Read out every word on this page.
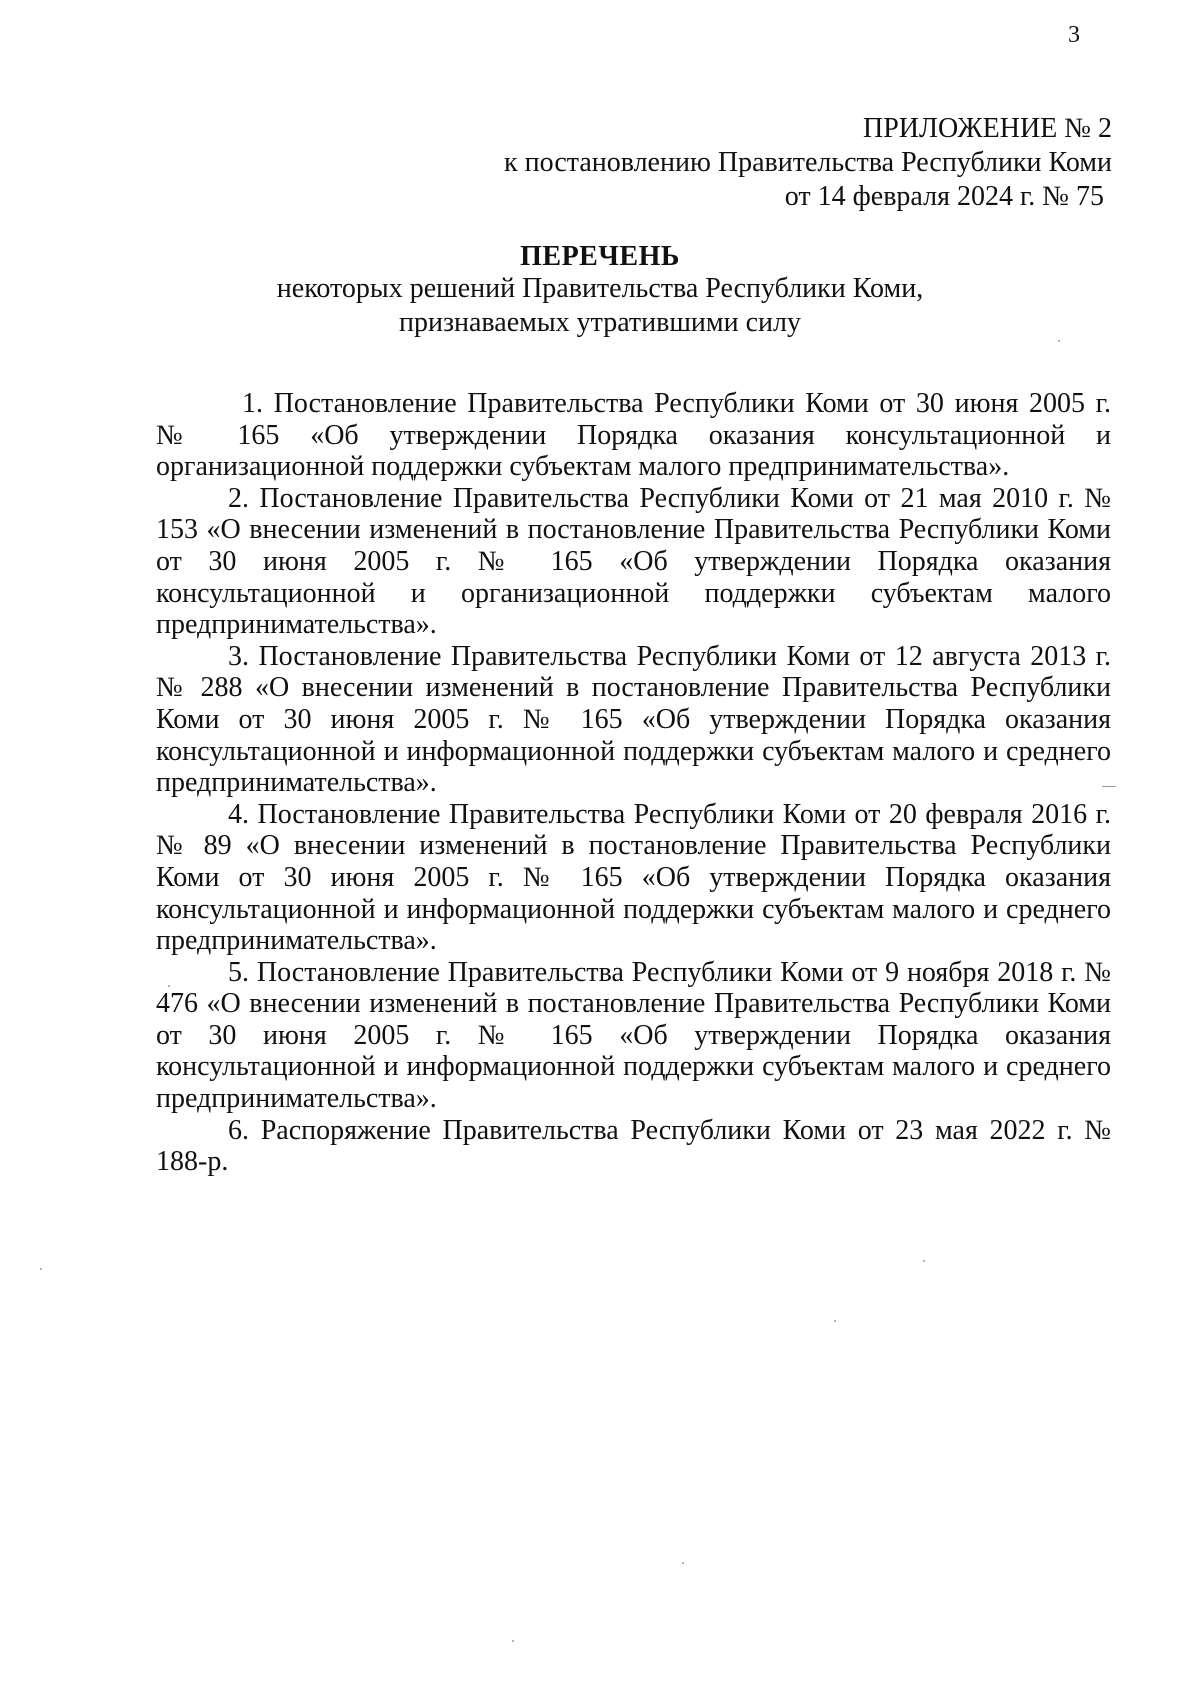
3
ПРИЛОЖЕНИЕ № 2
к постановлению Правительства Республики Коми
от 14 февраля 2024 г. № 75
ПЕРЕЧЕНЬ
некоторых решений Правительства Республики Коми,
признаваемых утратившими силу

1. Постановление Правительства Республики Коми от 30 июня 2005 г. № 165 «Об утверждении Порядка оказания консультационной и организационной поддержки субъектам малого предпринимательства».

2. Постановление Правительства Республики Коми от 21 мая 2010 г. № 153 «О внесении изменений в постановление Правительства Республики Коми от 30 июня 2005 г. № 165 «Об утверждении Порядка оказания консультационной и организационной поддержки субъектам малого предпринимательства».

3. Постановление Правительства Республики Коми от 12 августа 2013 г. № 288 «О внесении изменений в постановление Правительства Республики Коми от 30 июня 2005 г. № 165 «Об утверждении Порядка оказания консультационной и информационной поддержки субъектам малого и среднего предпринимательства».

4. Постановление Правительства Республики Коми от 20 февраля 2016 г. № 89 «О внесении изменений в постановление Правительства Республики Коми от 30 июня 2005 г. № 165 «Об утверждении Порядка оказания консультационной и информационной поддержки субъектам малого и среднего предпринимательства».

5. Постановление Правительства Республики Коми от 9 ноября 2018 г. № 476 «О внесении изменений в постановление Правительства Республики Коми от 30 июня 2005 г. № 165 «Об утверждении Порядка оказания консультационной и информационной поддержки субъектам малого и среднего предпринимательства».

6. Распоряжение Правительства Республики Коми от 23 мая 2022 г. № 188-р.
